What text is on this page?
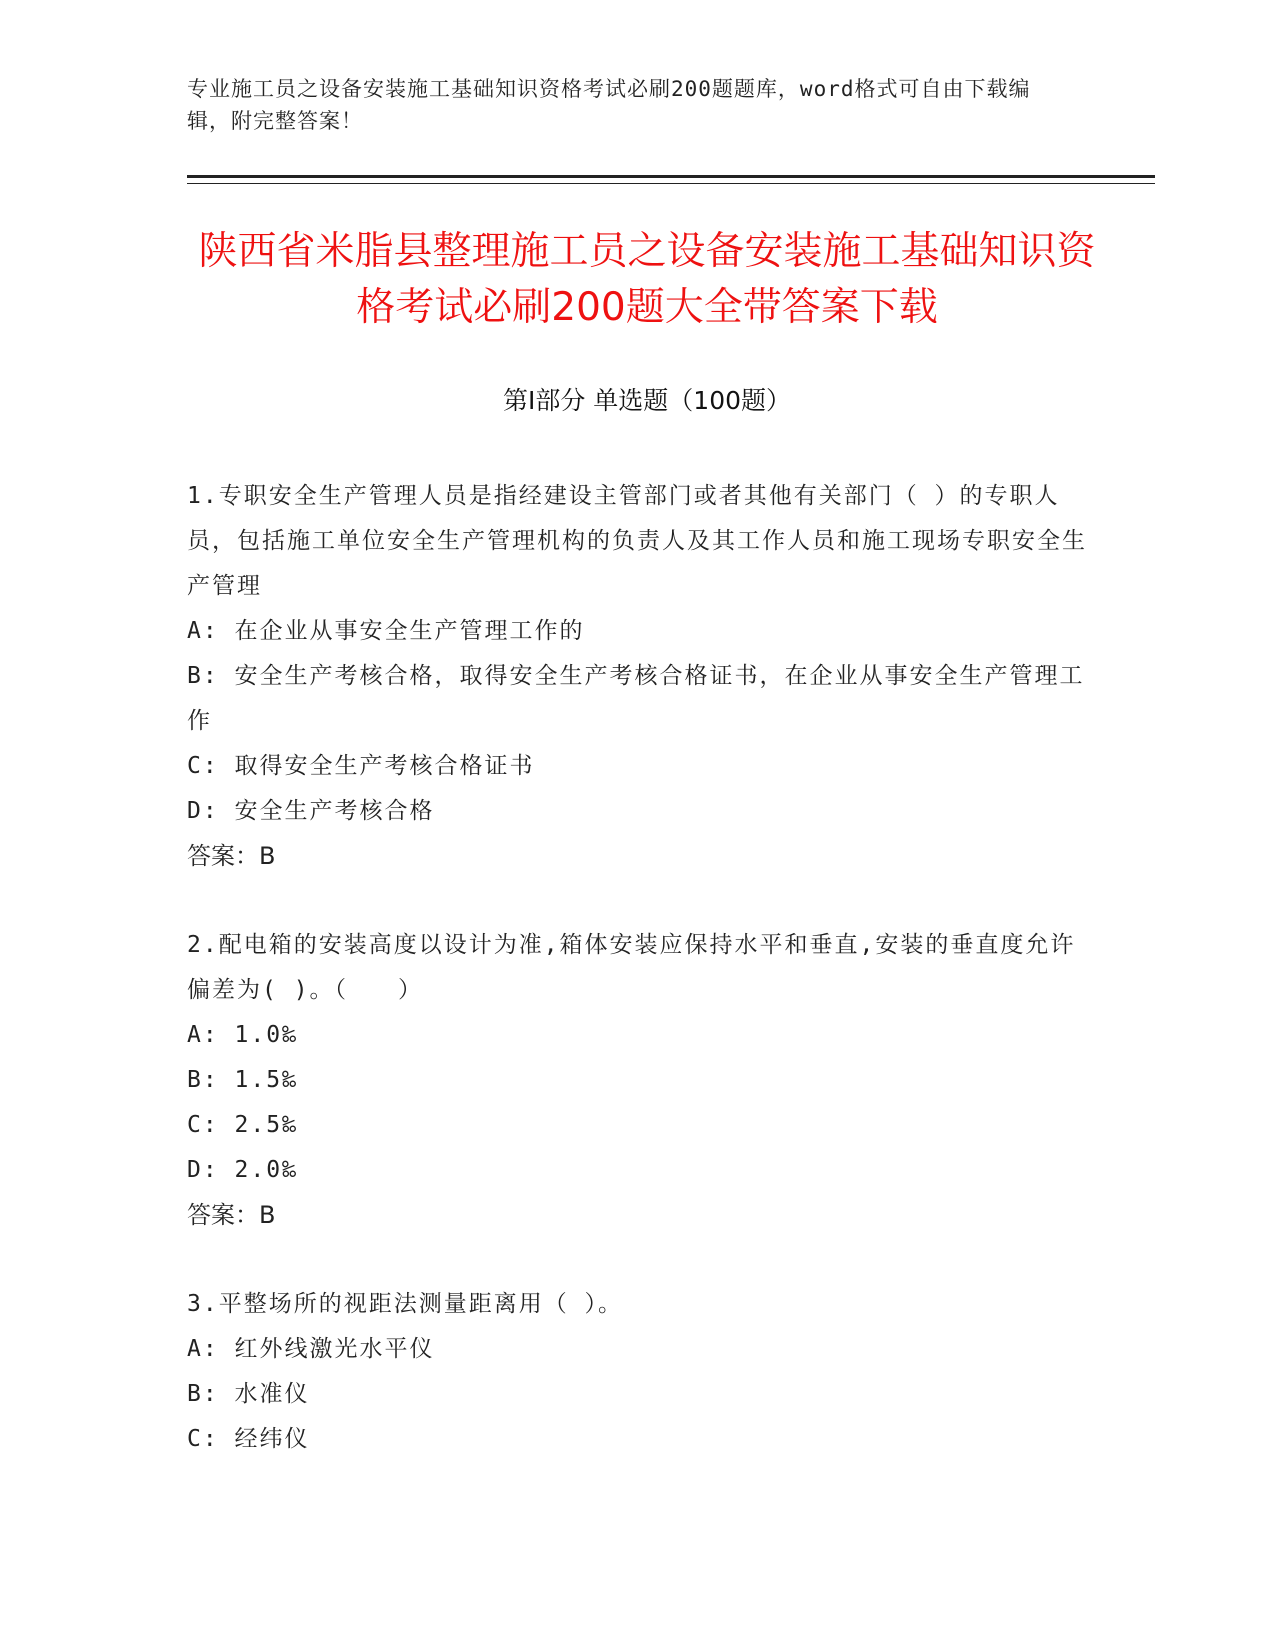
专业施工员之设备安装施工基础知识资格考试必刷200题题库，word格式可自由下载编辑，附完整答案！
陕西省米脂县整理施工员之设备安装施工基础知识资格考试必刷200题大全带答案下载
第Ⅰ部分 单选题（100题）
1.专职安全生产管理人员是指经建设主管部门或者其他有关部门（ ）的专职人员，包括施工单位安全生产管理机构的负责人及其工作人员和施工现场专职安全生产管理
A: 在企业从事安全生产管理工作的
B: 安全生产考核合格，取得安全生产考核合格证书，在企业从事安全生产管理工作
C: 取得安全生产考核合格证书
D: 安全生产考核合格
答案：B
2.配电箱的安装高度以设计为准,箱体安装应保持水平和垂直,安装的垂直度允许偏差为( )。（　　）
A: 1.0‰
B: 1.5‰
C: 2.5‰
D: 2.0‰
答案：B
3.平整场所的视距法测量距离用（ ）。
A: 红外线激光水平仪
B: 水准仪
C: 经纬仪
